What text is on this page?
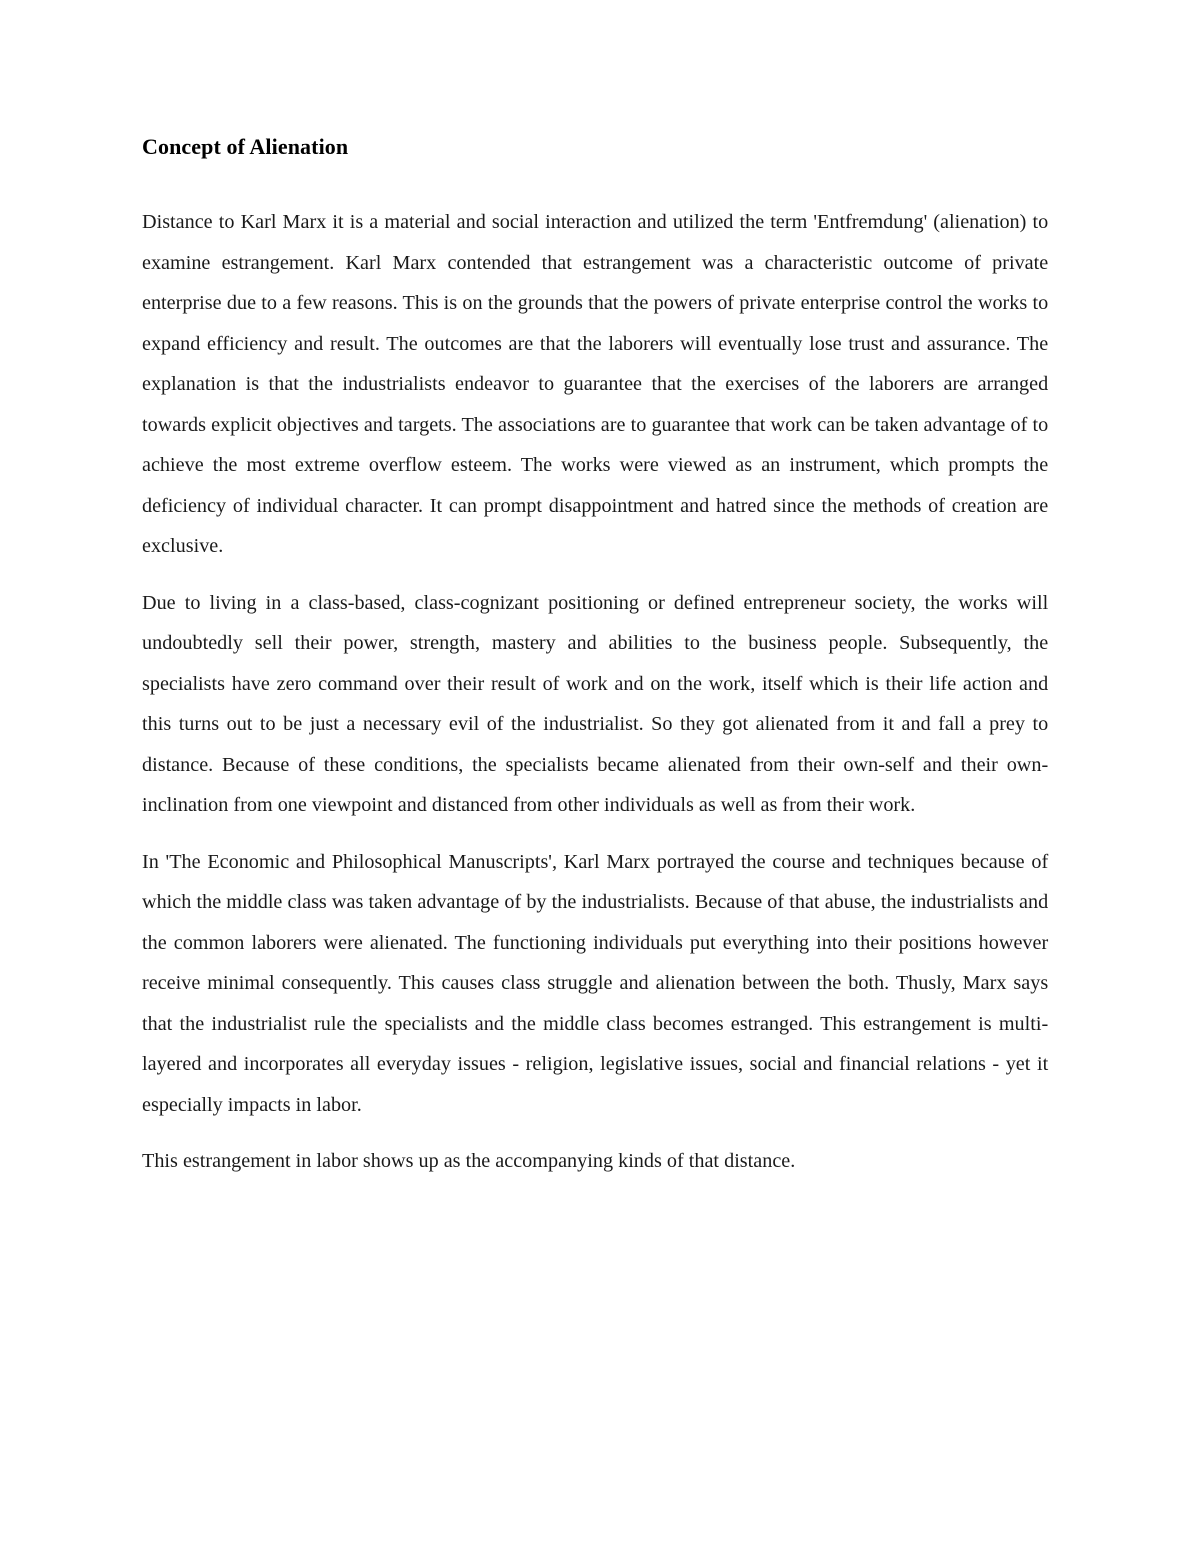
Concept of Alienation

Distance to Karl Marx it is a material and social interaction and utilized the term 'Entfremdung' (alienation) to examine estrangement. Karl Marx contended that estrangement was a characteristic outcome of private enterprise due to a few reasons. This is on the grounds that the powers of private enterprise control the works to expand efficiency and result. The outcomes are that the laborers will eventually lose trust and assurance. The explanation is that the industrialists endeavor to guarantee that the exercises of the laborers are arranged towards explicit objectives and targets. The associations are to guarantee that work can be taken advantage of to achieve the most extreme overflow esteem. The works were viewed as an instrument, which prompts the deficiency of individual character. It can prompt disappointment and hatred since the methods of creation are exclusive.

Due to living in a class-based, class-cognizant positioning or defined entrepreneur society, the works will undoubtedly sell their power, strength, mastery and abilities to the business people. Subsequently, the specialists have zero command over their result of work and on the work, itself which is their life action and this turns out to be just a necessary evil of the industrialist. So they got alienated from it and fall a prey to distance. Because of these conditions, the specialists became alienated from their own-self and their own-inclination from one viewpoint and distanced from other individuals as well as from their work.

In 'The Economic and Philosophical Manuscripts', Karl Marx portrayed the course and techniques because of which the middle class was taken advantage of by the industrialists. Because of that abuse, the industrialists and the common laborers were alienated. The functioning individuals put everything into their positions however receive minimal consequently. This causes class struggle and alienation between the both. Thusly, Marx says that the industrialist rule the specialists and the middle class becomes estranged. This estrangement is multi-layered and incorporates all everyday issues - religion, legislative issues, social and financial relations - yet it especially impacts in labor.

This estrangement in labor shows up as the accompanying kinds of that distance.
